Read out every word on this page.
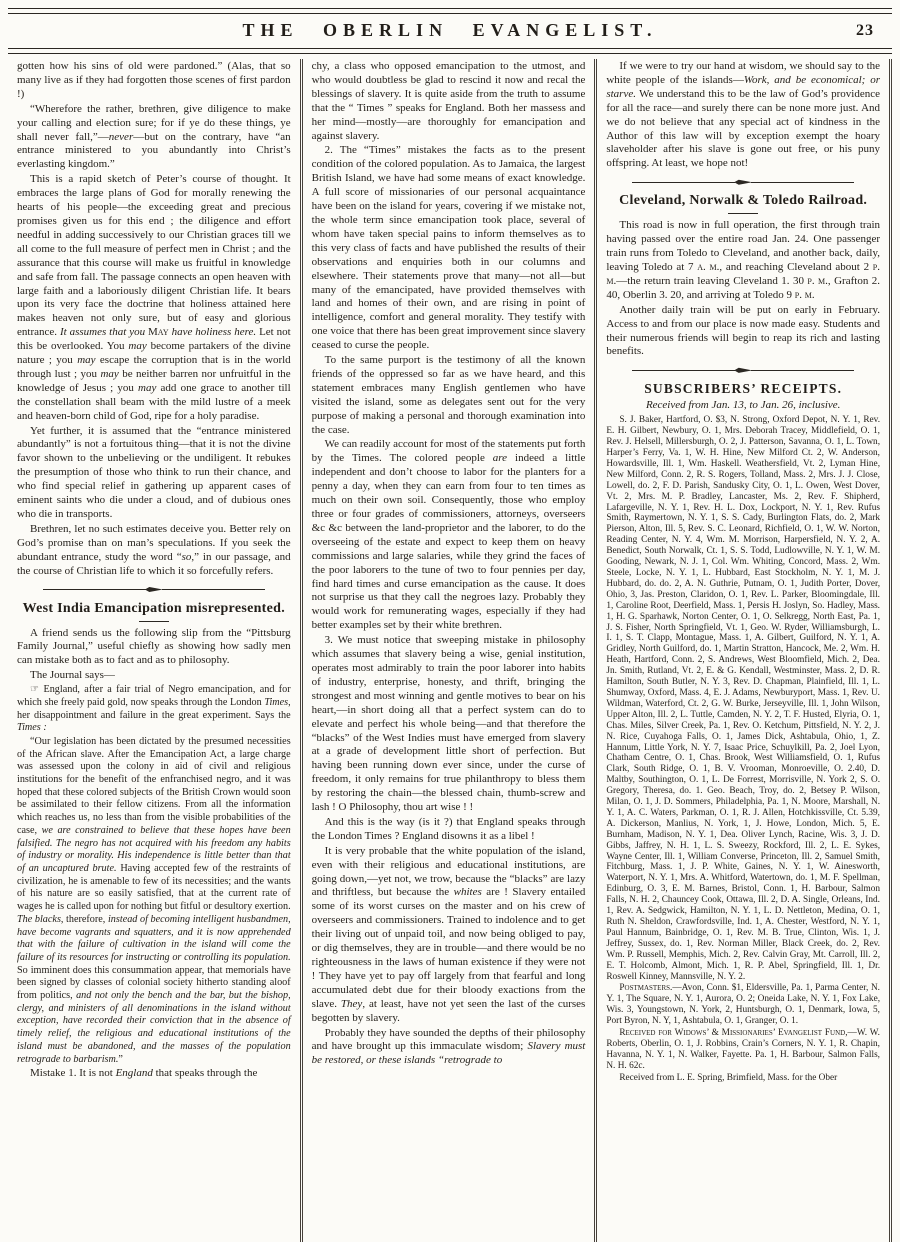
THE OBERLIN EVANGELIST.	23
gotten how his sins of old were pardoned.” (Alas, that so many live as if they had forgotten those scenes of first pardon !)
“Wherefore the rather, brethren, give diligence to make your calling and election sure; for if ye do these things, ye shall never fall,”—never—but on the contrary, have “an entrance ministered to you abundantly into Christ’s everlasting kingdom.”
This is a rapid sketch of Peter’s course of thought. It embraces the large plans of God for morally renewing the hearts of his people—the exceeding great and precious promises given us for this end ; the diligence and effort needful in adding successively to our Christian graces till we all come to the full measure of perfect men in Christ ; and the assurance that this course will make us fruitful in knowledge and safe from fall. The passage connects an open heaven with large faith and a laboriously diligent Christian life. It bears upon its very face the doctrine that holiness attained here makes heaven not only sure, but of easy and glorious entrance. It assumes that you May have holiness here. Let not this be overlooked. You may become partakers of the divine nature ; you may escape the corruption that is in the world through lust ; you may be neither barren nor unfruitful in the knowledge of Jesus ; you may add one grace to another till the constellation shall beam with the mild lustre of a meek and heaven-born child of God, ripe for a holy paradise.
Yet further, it is assumed that the “entrance ministered abundantly” is not a fortuitous thing—that it is not the divine favor shown to the unbelieving or the undiligent. It rebukes the presumption of those who think to run their chance, and who find special relief in gathering up apparent cases of eminent saints who die under a cloud, and of dubious ones who die in transports.
Brethren, let no such estimates deceive you. Better rely on God’s promise than on man’s speculations. If you seek the abundant entrance, study the word “so,” in our passage, and the course of Christian life to which it so forcefully refers.
West India Emancipation misrepresented.
A friend sends us the following slip from the “Pittsburg Family Journal,” useful chiefly as showing how sadly men can mistake both as to fact and as to philosophy.
The Journal says—
☞ England, after a fair trial of Negro emancipation, and for which she freely paid gold, now speaks through the London Times, her disappointment and failure in the great experiment. Says the Times :
“Our legislation has been dictated by the presumed necessities of the African slave. After the Emancipation Act, a large charge was assessed upon the colony in aid of civil and religious institutions for the benefit of the enfranchised negro, and it was hoped that these colored subjects of the British Crown would soon be assimilated to their fellow citizens. From all the information which reaches us, no less than from the visible probabilities of the case, we are constrained to believe that these hopes have been falsified. The negro has not acquired with his freedom any habits of industry or morality. His independence is little better than that of an uncaptured brute. Having accepted few of the restraints of civilization, he is amenable to few of its necessities; and the wants of his nature are so easily satisfied, that at the current rate of wages he is called upon for nothing but fitful or desultory exertion. The blacks, therefore, instead of becoming intelligent husbandmen, have become vagrants and squatters, and it is now apprehended that with the failure of cultivation in the island will come the failure of its resources for instructing or controlling its population. So imminent does this consummation appear, that memorials have been signed by classes of colonial society hitherto standing aloof from politics, and not only the bench and the bar, but the bishop, clergy, and ministers of all denominations in the island without exception, have recorded their conviction that in the absence of timely relief, the religious and educational institutions of the island must be abandoned, and the masses of the population retrograde to barbarism.”
Mistake 1. It is not England that speaks through the
chy, a class who opposed emancipation to the utmost, and who would doubtless be glad to rescind it now and recal the blessings of slavery. It is quite aside from the truth to assume that the “ Times ” speaks for England. Both her massess and her mind—mostly—are thoroughly for emancipation and against slavery.
2. The “Times” mistakes the facts as to the present condition of the colored population. As to Jamaica, the largest British Island, we have had some means of exact knowledge. A full score of missionaries of our personal acquaintance have been on the island for years, covering if we mistake not, the whole term since emancipation took place, several of whom have taken special pains to inform themselves as to this very class of facts and have published the results of their observations and enquiries both in our columns and elsewhere. Their statements prove that many—not all—but many of the emancipated, have provided themselves with land and homes of their own, and are rising in point of intelligence, comfort and general morality. They testify with one voice that there has been great improvement since slavery ceased to curse the people.
To the same purport is the testimony of all the known friends of the oppressed so far as we have heard, and this statement embraces many English gentlemen who have visited the island, some as delegates sent out for the very purpose of making a personal and thorough examination into the case.
We can readily account for most of the statements put forth by the Times. The colored people are indeed a little independent and don’t choose to labor for the planters for a penny a day, when they can earn from four to ten times as much on their own soil. Consequently, those who employ three or four grades of commissioners, attorneys, overseers &c &c between the land-proprietor and the laborer, to do the overseeing of the estate and expect to keep them on heavy commissions and large salaries, while they grind the faces of the poor laborers to the tune of two to four pennies per day, find hard times and curse emancipation as the cause. It does not surprise us that they call the negroes lazy. Probably they would work for remunerating wages, especially if they had better examples set by their white brethren.
3. We must notice that sweeping mistake in philosophy which assumes that slavery being a wise, genial institution, operates most admirably to train the poor laborer into habits of industry, enterprise, honesty, and thrift, bringing the strongest and most winning and gentle motives to bear on his heart,—in short doing all that a perfect system can do to elevate and perfect his whole being—and that therefore the “blacks” of the West Indies must have emerged from slavery at a grade of development little short of perfection. But having been running down ever since, under the curse of freedom, it only remains for true philanthropy to bless them by restoring the chain—the blessed chain, thumb-screw and lash ! O Philosophy, thou art wise ! !
And this is the way (is it ?) that England speaks through the London Times ? England disowns it as a libel !
It is very probable that the white population of the island, even with their religious and educational institutions, are going down,—yet not, we trow, because the “blacks” are lazy and thriftless, but because the whites are ! Slavery entailed some of its worst curses on the master and on his crew of overseers and commissioners. Trained to indolence and to get their living out of unpaid toil, and now being obliged to pay, or dig themselves, they are in trouble—and there would be no righteousness in the laws of human existence if they were not ! They have yet to pay off largely from that fearful and long accumulated debt due for their bloody exactions from the slave. They, at least, have not yet seen the last of the curses begotten by slavery.
Probably they have sounded the depths of their philosophy and have brought up this immaculate wisdom; Slavery must be restored, or these islands “retrograde to
If we were to try our hand at wisdom, we should say to the white people of the islands—Work, and be economical; or starve. We understand this to be the law of God’s providence for all the race—and surely there can be none more just. And we do not believe that any special act of kindness in the Author of this law will by exception exempt the hoary slaveholder after his slave is gone out free, or his puny offspring. At least, we hope not!
Cleveland, Norwalk & Toledo Railroad.
This road is now in full operation, the first through train having passed over the entire road Jan. 24. One passenger train runs from Toledo to Cleveland, and another back, daily, leaving Toledo at 7 a. m., and reaching Cleveland about 2 p. m.—the return train leaving Cleveland 1. 30 p. m., Grafton 2. 40, Oberlin 3. 20, and arriving at Toledo 9 p. m.
Another daily train will be put on early in February. Access to and from our place is now made easy. Students and their numerous friends will begin to reap its rich and lasting benefits.
SUBSCRIBERS’ RECEIPTS.
Received from Jan. 13, to Jan. 26, inclusive.
S. J. Baker, Hartford, O. $3, N. Strong, Oxford Depot, N. Y. 1, Rev. E. H. Gilbert, Newbury, O. 1, Mrs. Deborah Tracey, Middlefield, O. 1, Rev. J. Helsell, Millersburgh, O. 2, J. Patterson, Savanna, O. 1, L. Town, Harper’s Ferry, Va. 1, W. H. Hine, New Milford Ct. 2, W. Anderson, Howardsville, Ill. 1, Wm. Haskell. Weathersfield, Vt. 2, Lyman Hine, New Milford, Conn. 2, R. S. Rogers, Tolland, Mass. 2, Mrs. J. J. Close, Lowell, do. 2, F. D. Parish, Sandusky City, O. 1, L. Owen, West Dover, Vt. 2, Mrs. M. P. Bradley, Lancaster, Ms. 2, Rev. F. Shipherd, Lafargeville, N. Y. 1, Rev. H. L. Dox, Lockport, N. Y. 1, Rev. Rufus Smith, Raymertown, N. Y. 1, S. S. Cady, Burlington Flats, do. 2, Mark Pierson, Alton, Ill. 5, Rev. S. C. Leonard, Richfield, O. 1, W. W. Norton, Reading Center, N. Y. 4, Wm. M. Morrison, Harpersfield, N. Y. 2, A. Benedict, South Norwalk, Ct. 1, S. S. Todd, Ludlowville, N. Y. 1, W. M. Gooding, Newark, N. J. 1, Col. Wm. Whiting, Concord, Mass. 2, Wm. Steele, Locke, N. Y. 1, L. Hubbard, East Stockholm, N. Y. 1, M. J. Hubbard, do. do. 2, A. N. Guthrie, Putnam, O. 1, Judith Porter, Dover, Ohio, 3, Jas. Preston, Claridon, O. 1, Rev. L. Parker, Bloomingdale, Ill. 1, Caroline Root, Deerfield, Mass. 1, Persis H. Joslyn, So. Hadley, Mass. 1, H. G. Sparhawk, Norton Center, O. 1, O. Selkregg, North East, Pa. 1, J. S. Fisher, North Springfield, Vt. 1, Geo. W. Ryder, Williamsburgh, L. I. 1, S. T. Clapp, Montague, Mass. 1, A. Gilbert, Guilford, N. Y. 1, A. Gridley, North Guilford, do. 1, Martin Stratton, Hancock, Me. 2, Wm. H. Heath, Hartford, Conn. 2, S. Andrews, West Bloomfield, Mich. 2, Dea. Jn. Smith, Rutland, Vt. 2, E. & G. Kendall, Westminster, Mass. 2, D. R. Hamilton, South Butler, N. Y. 3, Rev. D. Chapman, Plainfield, Ill. 1, L. Shumway, Oxford, Mass. 4, E. J. Adams, Newburyport, Mass. 1, Rev. U. Wildman, Waterford, Ct. 2, G. W. Burke, Jerseyville, Ill. 1, John Wilson, Upper Alton, Ill. 2, L. Tuttle, Camden, N. Y. 2, T. F. Husted, Elyria, O. 1, Chas. Miles, Silver Creek, Pa. 1, Rev. O. Ketchum, Pittsfield, N. Y. 2, J. N. Rice, Cuyahoga Falls, O. 1, James Dick, Ashtabula, Ohio, 1, Z. Hannum, Little York, N. Y. 7, Isaac Price, Schuylkill, Pa. 2, Joel Lyon, Chatham Centre, O. 1, Chas. Brook, West Williamsfield, O. 1, Rufus Clark, South Ridge, O. 1, B. V. Vrooman, Monroeville, O. 2.40, D. Maltby, Southington, O. 1, L. De Forrest, Morrisville, N. York 2, S. O. Gregory, Theresa, do. 1. Geo. Beach, Troy, do. 2, Betsey P. Wilson, Milan, O. 1, J. D. Sommers, Philadelphia, Pa. 1, N. Moore, Marshall, N. Y. 1, A. C. Waters, Parkman, O. 1, R. J. Allen, Hotchkissville, Ct. 5.39, A. Dickerson, Manlius, N. York, 1, J. Howe, London, Mich. 5, E. Burnham, Madison, N. Y. 1, Dea. Oliver Lynch, Racine, Wis. 3, J. D. Gibbs, Jaffrey, N. H. 1, L. S. Sweezy, Rockford, Ill. 2, L. E. Sykes, Wayne Center, Ill. 1, William Converse, Princeton, Ill. 2, Samuel Smith, Fitchburg, Mass. 1, J. P. White, Gaines, N. Y. 1, W. Ainesworth, Waterport, N. Y. 1, Mrs. A. Whitford, Watertown, do. 1, M. F. Spellman, Edinburg, O. 3, E. M. Barnes, Bristol, Conn. 1, H. Barbour, Salmon Falls, N. H. 2, Chauncey Cook, Ottawa, Ill. 2, D. A. Single, Orleans, Ind. 1, Rev. A. Sedgwick, Hamilton, N. Y. 1, L. D. Nettleton, Medina, O. 1, Ruth N. Sheldon, Crawfordsville, Ind. 1, A. Chester, Westford, N. Y. 1, Paul Hannum, Bainbridge, O. 1, Rev. M. B. True, Clinton, Wis. 1, J. Jeffrey, Sussex, do. 1, Rev. Norman Miller, Black Creek, do. 2, Rev. Wm. P. Russell, Memphis, Mich. 2, Rev. Calvin Gray, Mt. Carroll, Ill. 2, E. T. Holcomb, Almont, Mich. 1, R. P. Abel, Springfield, Ill. 1, Dr. Roswell Kinney, Mannsville, N. Y. 2.
Postmasters.—Avon, Conn. $1, Eldersville, Pa. 1, Parma Center, N. Y. 1, The Square, N. Y. 1, Aurora, O. 2; Oneida Lake, N. Y. 1, Fox Lake, Wis. 3, Youngstown, N. York, 2, Huntsburgh, O. 1, Denmark, Iowa, 5, Port Byron, N. Y, 1, Ashtabula, O. 1, Granger, O. 1.
Received for Widows’ & Missionaries’ Evangelist Fund,—W. W. Roberts, Oberlin, O. 1, J. Robbins, Crain’s Corners, N. Y. 1, R. Chapin, Havanna, N. Y. 1, N. Walker, Fayette. Pa. 1, H. Barbour, Salmon Falls, N. H. 62c.
Received from L. E. Spring, Brimfield, Mass. for the Ober
